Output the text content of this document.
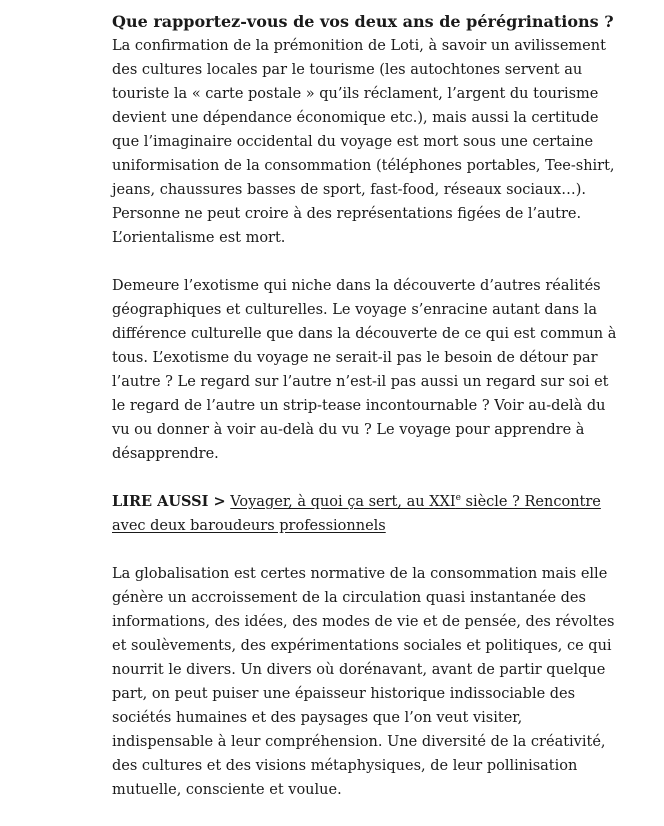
Que rapportez-vous de vos deux ans de pérégrinations ?

La confirmation de la prémonition de Loti, à savoir un avilissement des cultures locales par le tourisme (les autochtones servent au touriste la « carte postale » qu’ils réclament, l’argent du tourisme devient une dépendance économique etc.), mais aussi la certitude que l’imaginaire occidental du voyage est mort sous une certaine uniformisation de la consommation (téléphones portables, Tee-shirt, jeans, chaussures basses de sport, fast-food, réseaux sociaux…). Personne ne peut croire à des représentations figées de l’autre. L’orientalisme est mort.

Demeure l’exotisme qui niche dans la découverte d’autres réalités géographiques et culturelles. Le voyage s’enracine autant dans la différence culturelle que dans la découverte de ce qui est commun à tous. L’exotisme du voyage ne serait-il pas le besoin de détour par l’autre ? Le regard sur l’autre n’est-il pas aussi un regard sur soi et le regard de l’autre un strip-tease incontournable ? Voir au-delà du vu ou donner à voir au-delà du vu ? Le voyage pour apprendre à désapprendre.

LIRE AUSSI > Voyager, à quoi ça sert, au XXIe siècle ? Rencontre avec deux baroudeurs professionnels

La globalisation est certes normative de la consommation mais elle génère un accroissement de la circulation quasi instantanée des informations, des idées, des modes de vie et de pensée, des révoltes et soulèvements, des expérimentations sociales et politiques, ce qui nourrit le divers. Un divers où dorénavant, avant de partir quelque part, on peut puiser une épaisseur historique indissociable des sociétés humaines et des paysages que l’on veut visiter, indispensable à leur compréhension. Une diversité de la créativité, des cultures et des visions métaphysiques, de leur pollinisation mutuelle, consciente et voulue.
